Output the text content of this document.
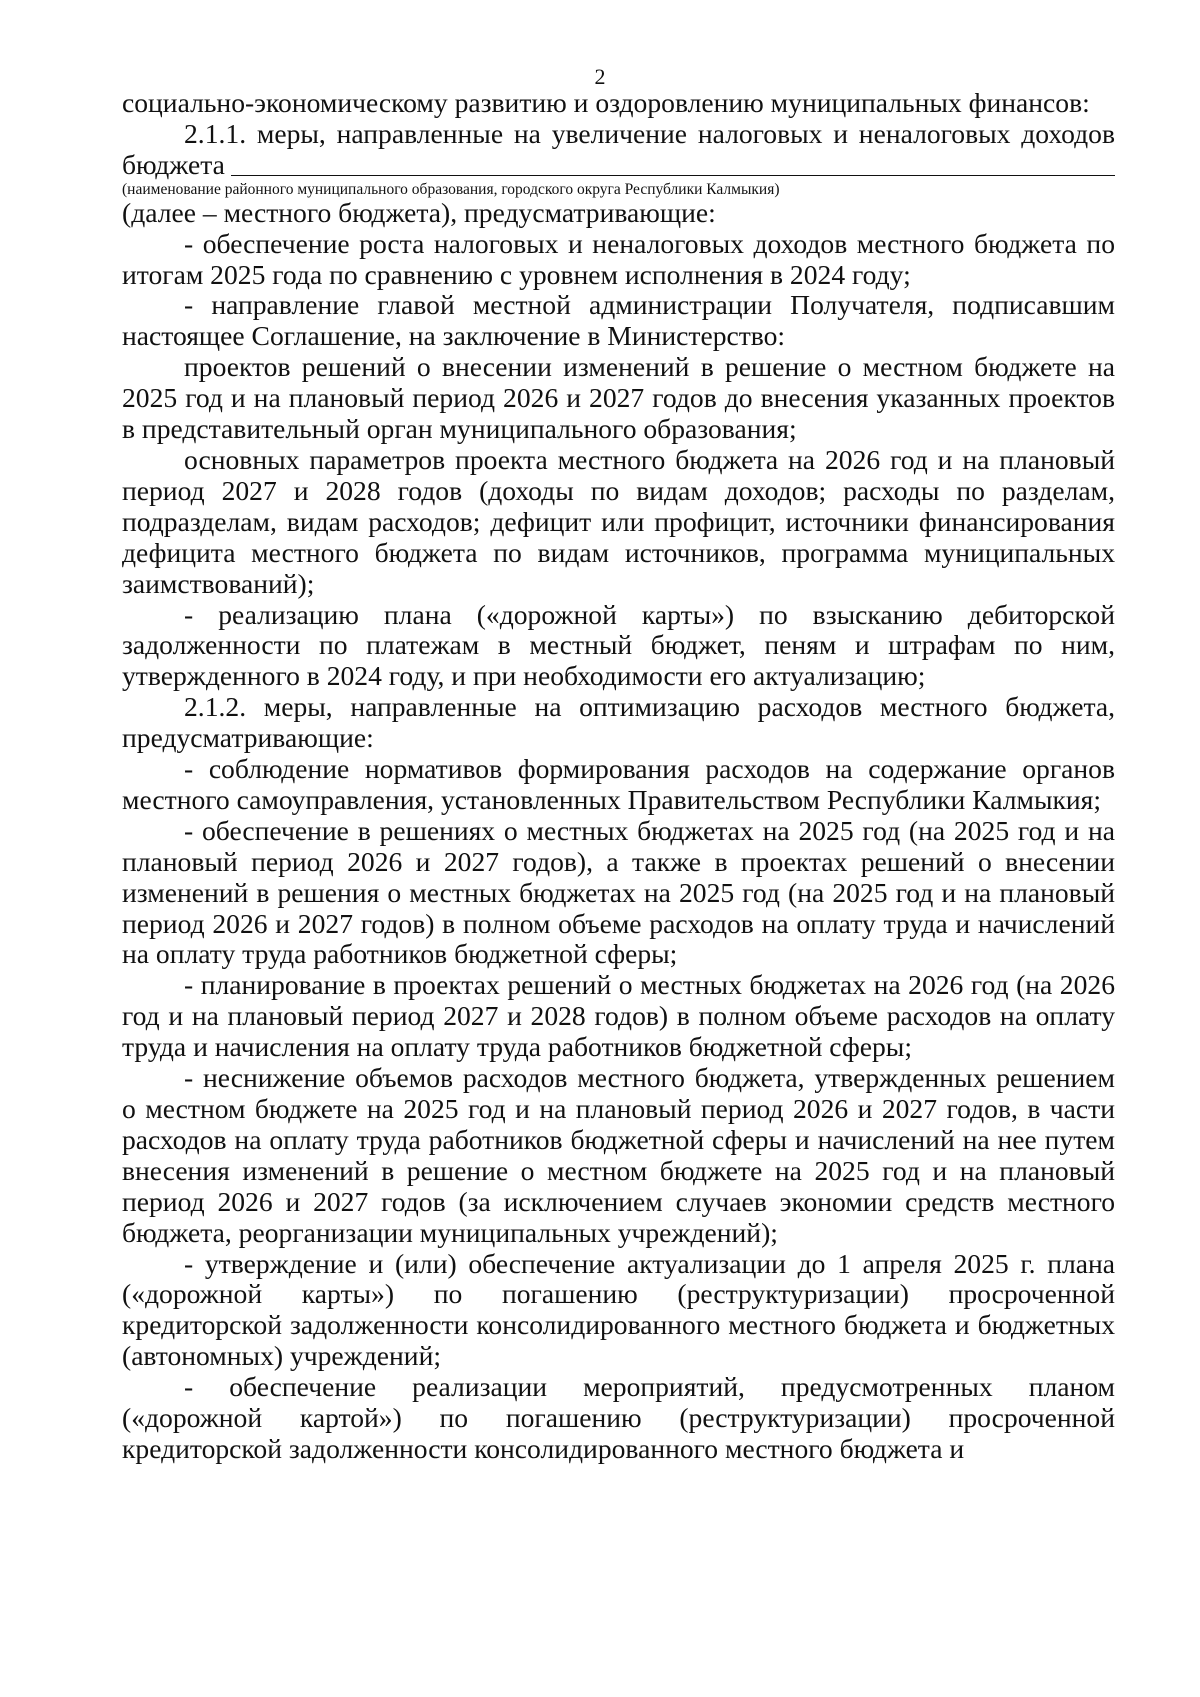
2

социально-экономическому развитию и оздоровлению муниципальных финансов:

2.1.1. меры, направленные на увеличение налоговых и неналоговых доходов

бюджета

(наименование районного муниципального образования, городского округа Республики Калмыкия)

(далее – местного бюджета), предусматривающие:

- обеспечение роста налоговых и неналоговых доходов местного бюджета по итогам 2025 года по сравнению с уровнем исполнения в 2024 году;

- направление главой местной администрации Получателя, подписавшим настоящее Соглашение, на заключение в Министерство:

проектов решений о внесении изменений в решение о местном бюджете на 2025 год и на плановый период 2026 и 2027 годов до внесения указанных проектов в представительный орган муниципального образования;

основных параметров проекта местного бюджета на 2026 год и на плановый период 2027 и 2028 годов (доходы по видам доходов; расходы по разделам, подразделам, видам расходов; дефицит или профицит, источники финансирования дефицита местного бюджета по видам источников, программа муниципальных заимствований);

- реализацию плана («дорожной карты») по взысканию дебиторской задолженности по платежам в местный бюджет, пеням и штрафам по ним, утвержденного в 2024 году, и при необходимости его актуализацию;

2.1.2. меры, направленные на оптимизацию расходов местного бюджета, предусматривающие:

- соблюдение нормативов формирования расходов на содержание органов местного самоуправления, установленных Правительством Республики Калмыкия;

- обеспечение в решениях о местных бюджетах на 2025 год (на 2025 год и на плановый период 2026 и 2027 годов), а также в проектах решений о внесении изменений в решения о местных бюджетах на 2025 год (на 2025 год и на плановый период 2026 и 2027 годов) в полном объеме расходов на оплату труда и начислений на оплату труда работников бюджетной сферы;

- планирование в проектах решений о местных бюджетах на 2026 год (на 2026 год и на плановый период 2027 и 2028 годов) в полном объеме расходов на оплату труда и начисления на оплату труда работников бюджетной сферы;

- неснижение объемов расходов местного бюджета, утвержденных решением о местном бюджете на 2025 год и на плановый период 2026 и 2027 годов, в части расходов на оплату труда работников бюджетной сферы и начислений на нее путем внесения изменений в решение о местном бюджете на 2025 год и на плановый период 2026 и 2027 годов (за исключением случаев экономии средств местного бюджета, реорганизации муниципальных учреждений);

- утверждение и (или) обеспечение актуализации до 1 апреля 2025 г. плана («дорожной карты») по погашению (реструктуризации) просроченной кредиторской задолженности консолидированного местного бюджета и бюджетных (автономных) учреждений;

- обеспечение реализации мероприятий, предусмотренных планом («дорожной картой») по погашению (реструктуризации) просроченной кредиторской задолженности консолидированного местного бюджета и
